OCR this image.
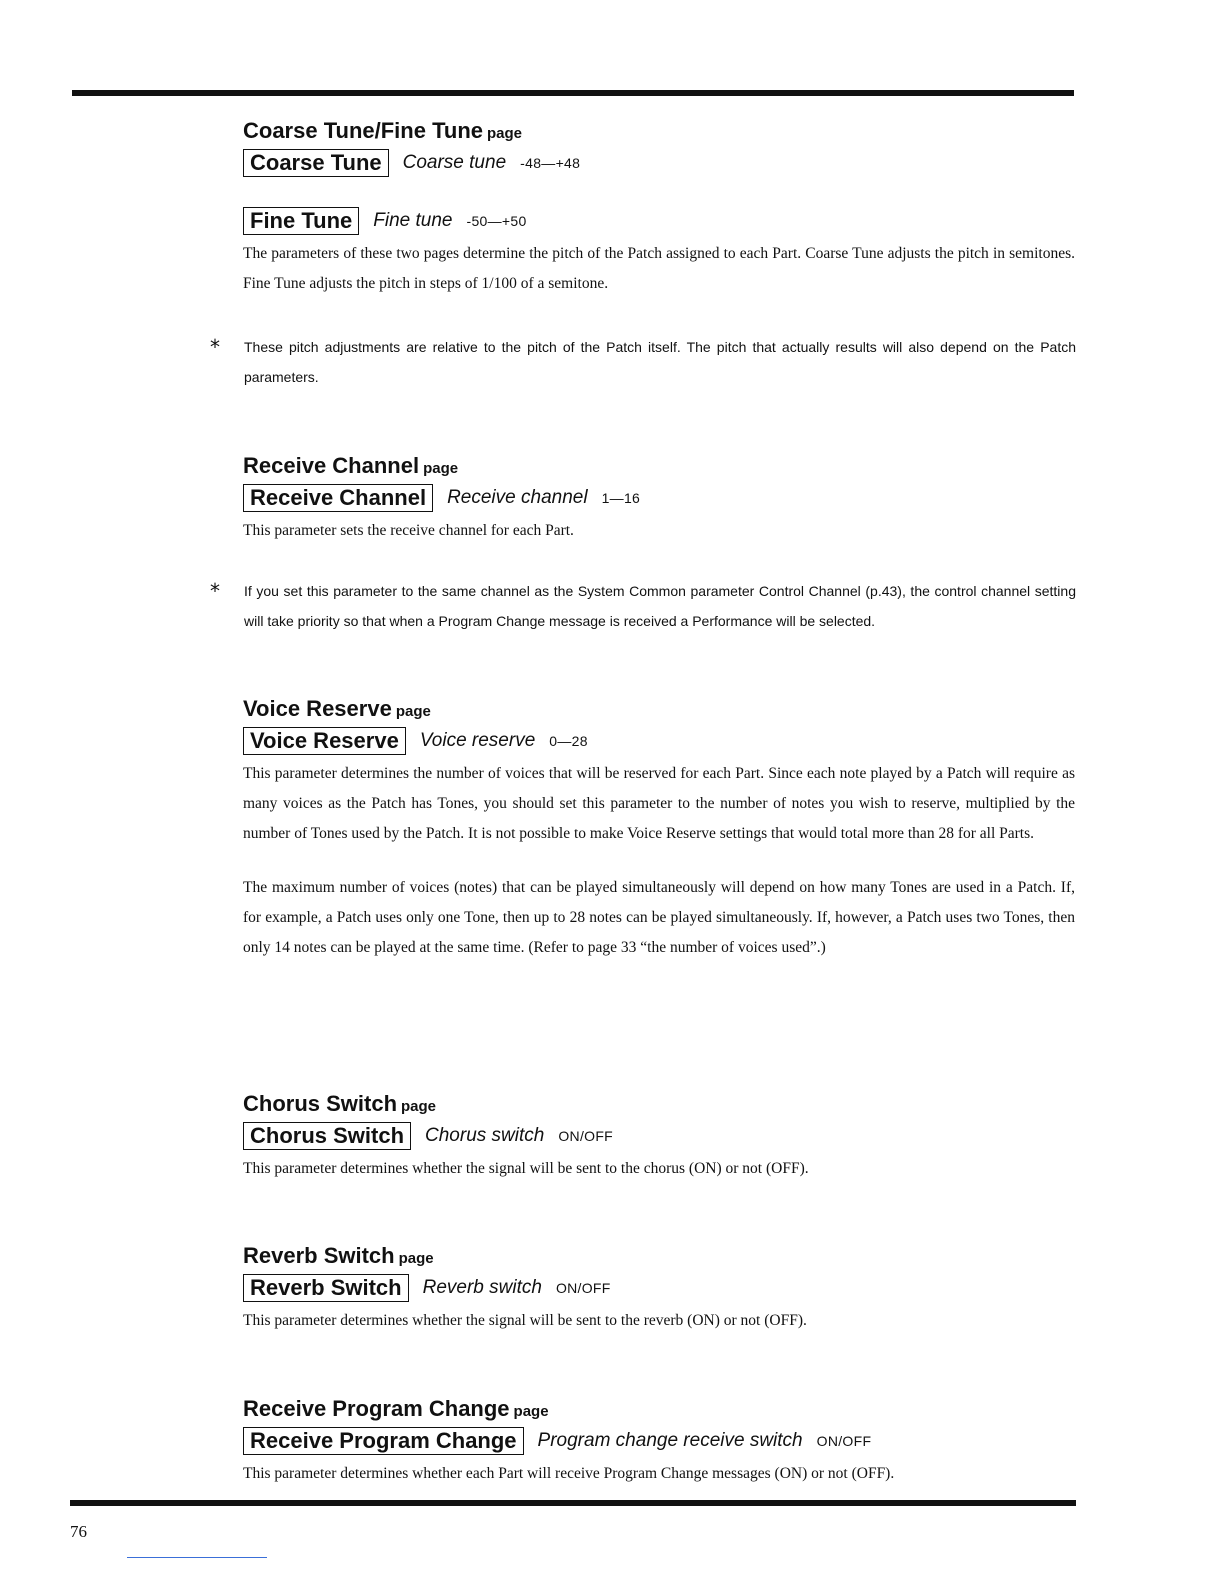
Coarse Tune/Fine Tune page
Coarse Tune	Coarse tune -48—+48
Fine Tune	Fine tune -50—+50

The parameters of these two pages determine the pitch of the Patch assigned to each Part. Coarse Tune adjusts the pitch in semitones. Fine Tune adjusts the pitch in steps of 1/100 of a semitone.

*	These pitch adjustments are relative to the pitch of the Patch itself. The pitch that actually results will also depend on the Patch parameters.
Receive Channel page
Receive Channel	Receive channel 1—16

This parameter sets the receive channel for each Part.

*	If you set this parameter to the same channel as the System Common parameter Control Channel (p.43), the control channel setting will take priority so that when a Program Change message is received a Performance will be selected.
Voice Reserve page
Voice Reserve	Voice reserve 0—28

This parameter determines the number of voices that will be reserved for each Part. Since each note played by a Patch will require as many voices as the Patch has Tones, you should set this parameter to the number of notes you wish to reserve, multiplied by the number of Tones used by the Patch. It is not possible to make Voice Reserve settings that would total more than 28 for all Parts.

The maximum number of voices (notes) that can be played simultaneously will depend on how many Tones are used in a Patch. If, for example, a Patch uses only one Tone, then up to 28 notes can be played simultaneously. If, however, a Patch uses two Tones, then only 14 notes can be played at the same time. (Refer to page 33 “the number of voices used”.)

Chorus Switch page
Chorus Switch	Chorus switch ON/OFF

This parameter determines whether the signal will be sent to the chorus (ON) or not (OFF).

Reverb Switch page
Reverb Switch	Reverb switch ON/OFF

This parameter determines whether the signal will be sent to the reverb (ON) or not (OFF).

Receive Program Change page
Receive Program Change	Program change receive switch ON/OFF

This parameter determines whether each Part will receive Program Change messages (ON) or not (OFF).

76
